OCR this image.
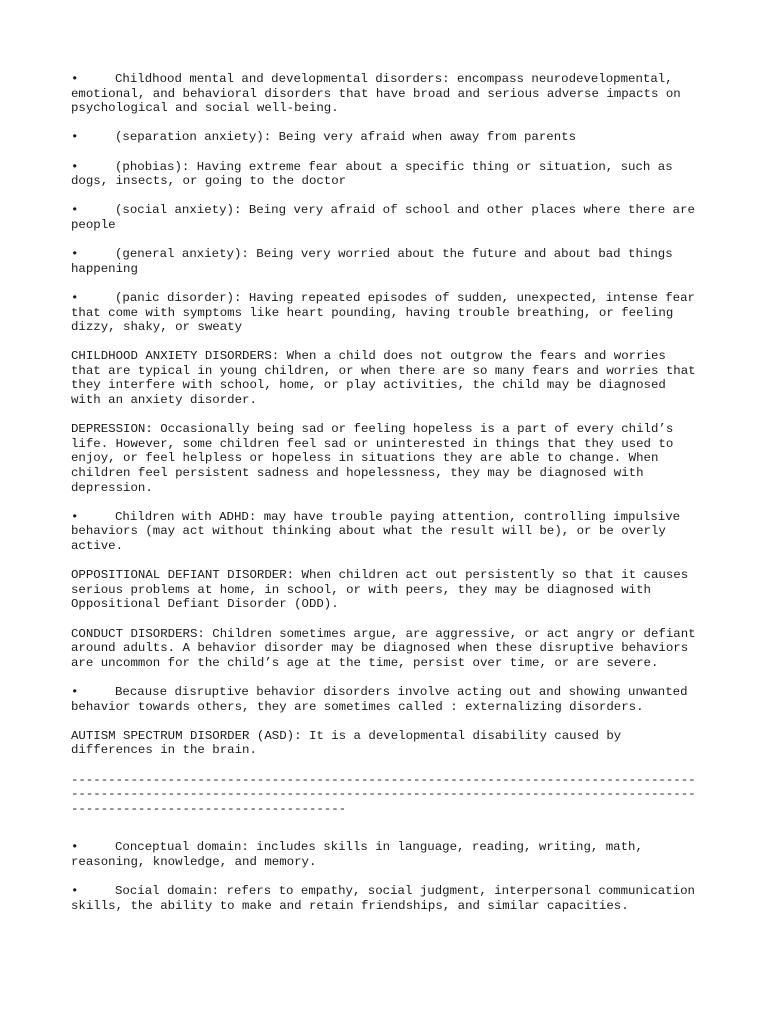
•	Childhood mental and developmental disorders: encompass neurodevelopmental, emotional, and behavioral disorders that have broad and serious adverse impacts on psychological and social well-being.

•	(separation anxiety): Being very afraid when away from parents

•	(phobias): Having extreme fear about a specific thing or situation, such as dogs, insects, or going to the doctor

•	(social anxiety): Being very afraid of school and other places where there are people

•	(general anxiety): Being very worried about the future and about bad things happening

•	(panic disorder): Having repeated episodes of sudden, unexpected, intense fear that come with symptoms like heart pounding, having trouble breathing, or feeling dizzy, shaky, or sweaty

CHILDHOOD ANXIETY DISORDERS: When a child does not outgrow the fears and worries that are typical in young children, or when there are so many fears and worries that they interfere with school, home, or play activities, the child may be diagnosed with an anxiety disorder.

DEPRESSION: Occasionally being sad or feeling hopeless is a part of every child’s life. However, some children feel sad or uninterested in things that they used to enjoy, or feel helpless or hopeless in situations they are able to change. When children feel persistent sadness and hopelessness, they may be diagnosed with depression.

•	Children with ADHD: may have trouble paying attention, controlling impulsive behaviors (may act without thinking about what the result will be), or be overly active.

OPPOSITIONAL DEFIANT DISORDER: When children act out persistently so that it causes serious problems at home, in school, or with peers, they may be diagnosed with Oppositional Defiant Disorder (ODD).

CONDUCT DISORDERS: Children sometimes argue, are aggressive, or act angry or defiant around adults. A behavior disorder may be diagnosed when these disruptive behaviors are uncommon for the child’s age at the time, persist over time, or are severe.

•	Because disruptive behavior disorders involve acting out and showing unwanted behavior towards others, they are sometimes called : externalizing disorders.

AUTISM SPECTRUM DISORDER (ASD): It is a developmental disability caused by differences in the brain.

-------------------------------------------------------------------------------------------------------------------------------------------------------------------------------------------------------------

•	Conceptual domain: includes skills in language, reading, writing, math, reasoning, knowledge, and memory.

•	Social domain: refers to empathy, social judgment, interpersonal communication skills, the ability to make and retain friendships, and similar capacities.
